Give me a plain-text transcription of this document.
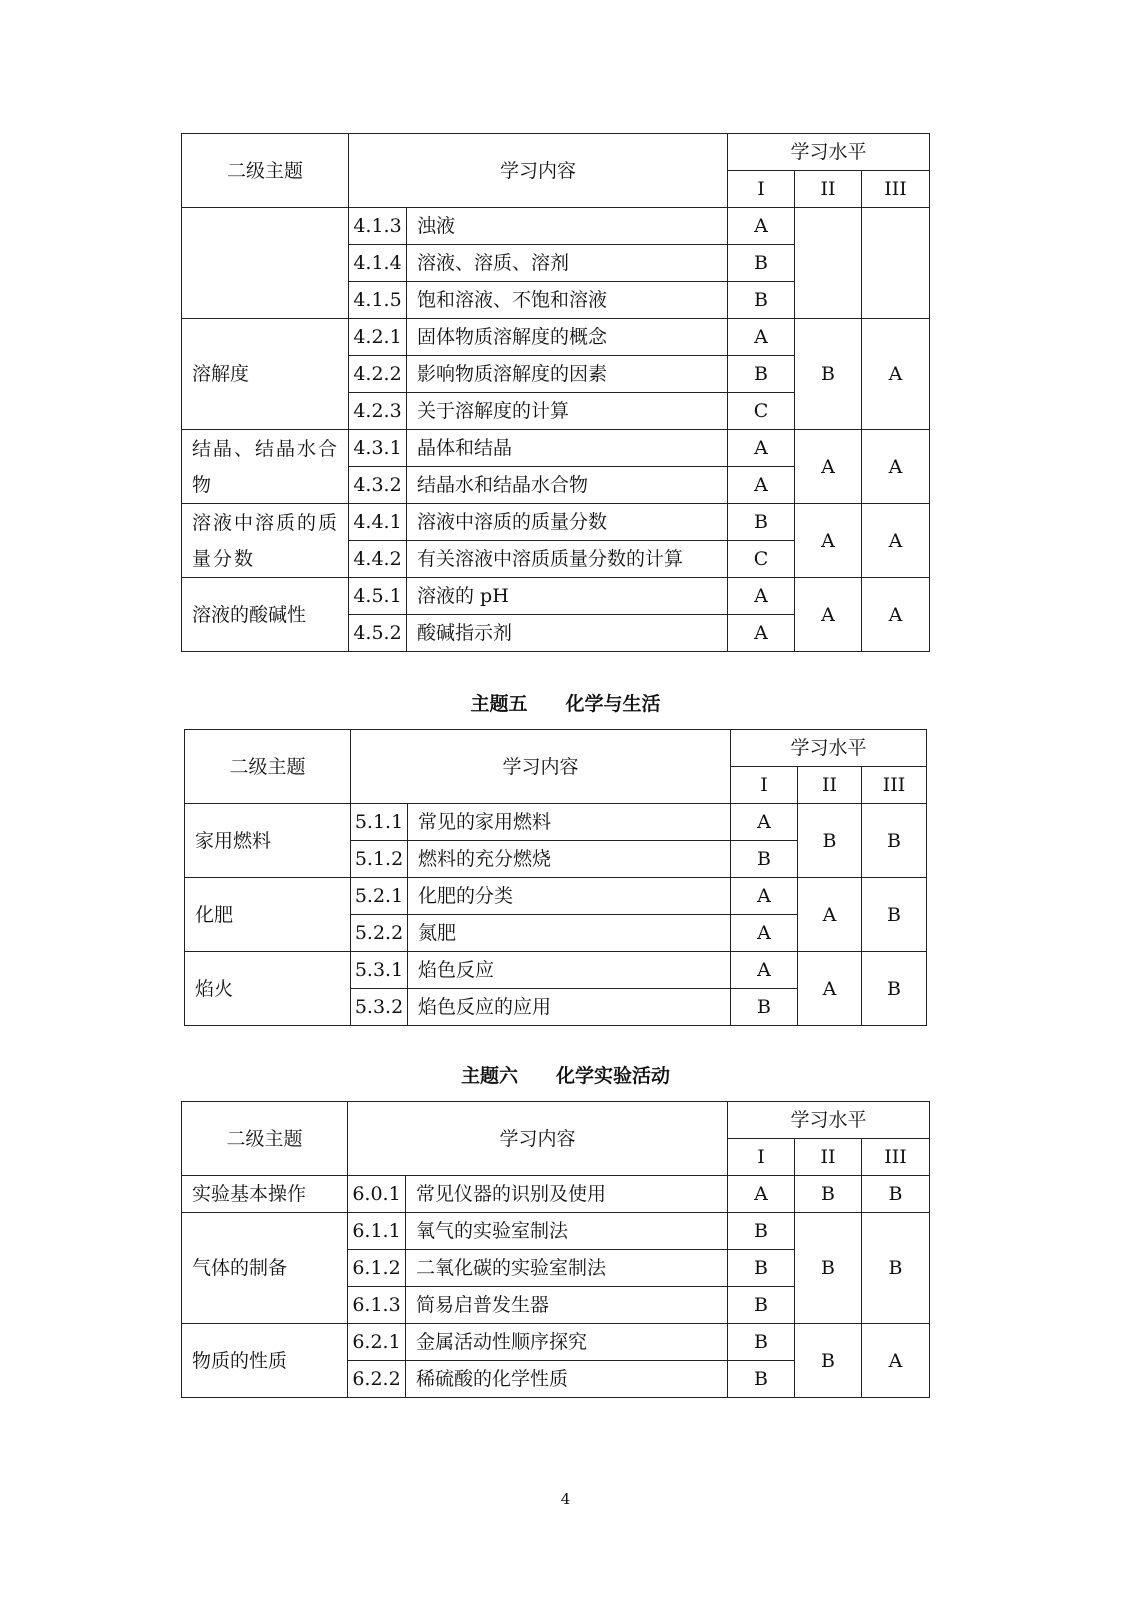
二级主题	学习内容		学习水平		
			I	II	III
	4.1.3	浊液	A		
	4.1.4	溶液、溶质、溶剂	B		
	4.1.5	饱和溶液、不饱和溶液	B		
溶解度	4.2.1	固体物质溶解度的概念	A	B	A
	4.2.2	影响物质溶解度的因素	B		
	4.2.3	关于溶解度的计算	C		
结晶、结晶水合物	4.3.1	晶体和结晶	A	A	A
	4.3.2	结晶水和结晶水合物	A		
溶液中溶质的质量分数	4.4.1	溶液中溶质的质量分数	B	A	A
	4.4.2	有关溶液中溶质质量分数的计算	C		
溶液的酸碱性	4.5.1	溶液的 pH	A	A	A
	4.5.2	酸碱指示剂	A		
主题五 化学与生活
二级主题	学习内容		学习水平		
			I	II	III
家用燃料	5.1.1	常见的家用燃料	A	B	B
	5.1.2	燃料的充分燃烧	B		
化肥	5.2.1	化肥的分类	A	A	B
	5.2.2	氮肥	A		
焰火	5.3.1	焰色反应	A	A	B
	5.3.2	焰色反应的应用	B		
主题六 化学实验活动
二级主题	学习内容		学习水平		
			I	II	III
实验基本操作	6.0.1	常见仪器的识别及使用	A	B	B
气体的制备	6.1.1	氧气的实验室制法	B	B	B
	6.1.2	二氧化碳的实验室制法	B		
	6.1.3	简易启普发生器	B		
物质的性质	6.2.1	金属活动性顺序探究	B	B	A
	6.2.2	稀硫酸的化学性质	B		
4
